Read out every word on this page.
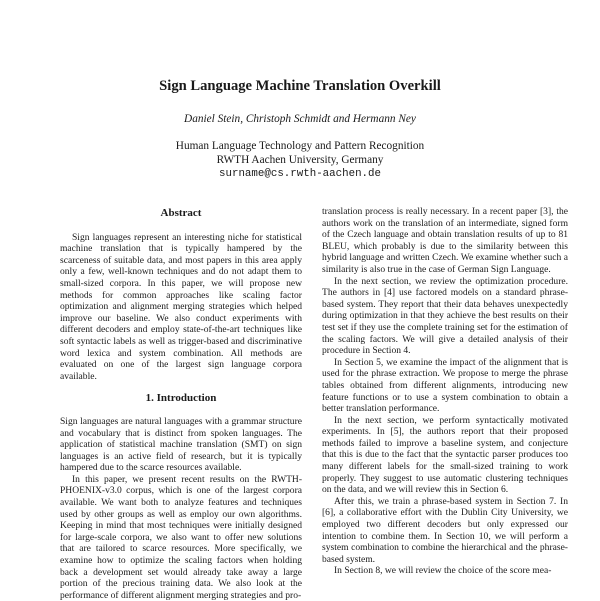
Sign Language Machine Translation Overkill
Daniel Stein, Christoph Schmidt and Hermann Ney
Human Language Technology and Pattern Recognition
RWTH Aachen University, Germany
surname@cs.rwth-aachen.de
Abstract

Sign languages represent an interesting niche for statistical machine translation that is typically hampered by the scarceness of suitable data, and most papers in this area apply only a few, well-known techniques and do not adapt them to small-sized corpora. In this paper, we will propose new methods for common approaches like scaling factor optimization and alignment merging strategies which helped improve our baseline. We also conduct experiments with different decoders and employ state-of-the-art techniques like soft syntactic labels as well as trigger-based and discriminative word lexica and system combination. All methods are evaluated on one of the largest sign language corpora available.

1. Introduction

Sign languages are natural languages with a grammar structure and vocabulary that is distinct from spoken languages. The application of statistical machine translation (SMT) on sign languages is an active field of research, but it is typically hampered due to the scarce resources available.

In this paper, we present recent results on the RWTH-PHOENIX-v3.0 corpus, which is one of the largest corpora available. We want both to analyze features and techniques used by other groups as well as employ our own algorithms. Keeping in mind that most techniques were initially designed for large-scale corpora, we also want to offer new solutions that are tailored to scarce resources. More specifically, we examine how to optimize the scaling factors when holding back a development set would already take away a large portion of the precious training data. We also look at the performance of different alignment merging strategies and pro-

translation process is really necessary. In a recent paper [3], the authors work on the translation of an intermediate, signed form of the Czech language and obtain translation results of up to 81 BLEU, which probably is due to the similarity between this hybrid language and written Czech. We examine whether such a similarity is also true in the case of German Sign Language.

In the next section, we review the optimization procedure. The authors in [4] use factored models on a standard phrase-based system. They report that their data behaves unexpectedly during optimization in that they achieve the best results on their test set if they use the complete training set for the estimation of the scaling factors. We will give a detailed analysis of their procedure in Section 4.

In Section 5, we examine the impact of the alignment that is used for the phrase extraction. We propose to merge the phrase tables obtained from different alignments, introducing new feature functions or to use a system combination to obtain a better translation performance.

In the next section, we perform syntactically motivated experiments. In [5], the authors report that their proposed methods failed to improve a baseline system, and conjecture that this is due to the fact that the syntactic parser produces too many different labels for the small-sized training to work properly. They suggest to use automatic clustering techniques on the data, and we will review this in Section 6.

After this, we train a phrase-based system in Section 7. In [6], a collaborative effort with the Dublin City University, we employed two different decoders but only expressed our intention to combine them. In Section 10, we will perform a system combination to combine the hierarchical and the phrase-based system.

In Section 8, we will review the choice of the score mea-
